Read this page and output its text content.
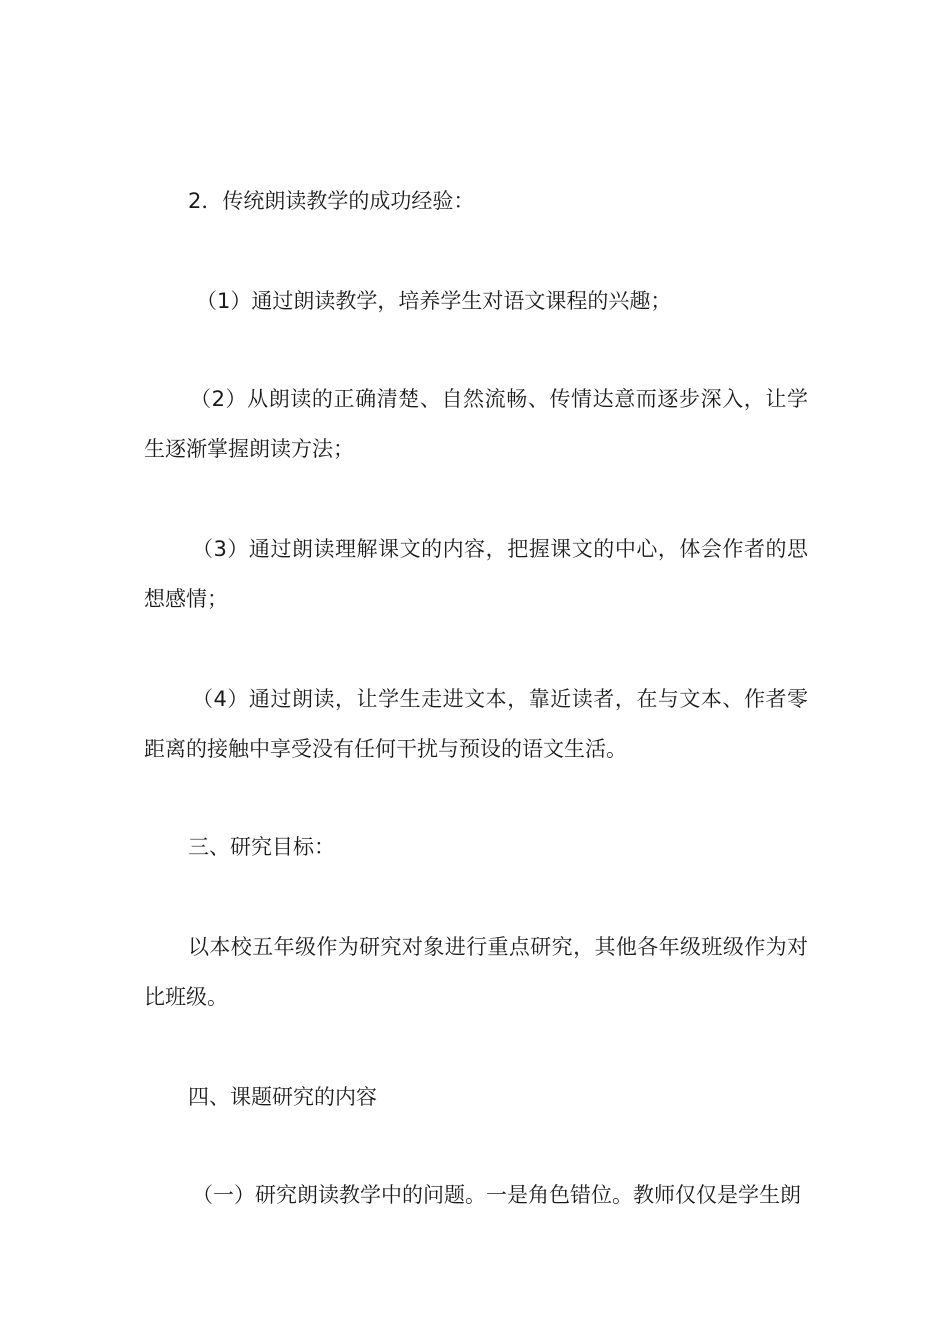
2．传统朗读教学的成功经验：

（1）通过朗读教学，培养学生对语文课程的兴趣；

（2）从朗读的正确清楚、自然流畅、传情达意而逐步深入，让学生逐渐掌握朗读方法；

（3）通过朗读理解课文的内容，把握课文的中心，体会作者的思想感情；

（4）通过朗读，让学生走进文本，靠近读者，在与文本、作者零距离的接触中享受没有任何干扰与预设的语文生活。

三、研究目标：

以本校五年级作为研究对象进行重点研究，其他各年级班级作为对比班级。

四、课题研究的内容

（一）研究朗读教学中的问题。一是角色错位。教师仅仅是学生朗
